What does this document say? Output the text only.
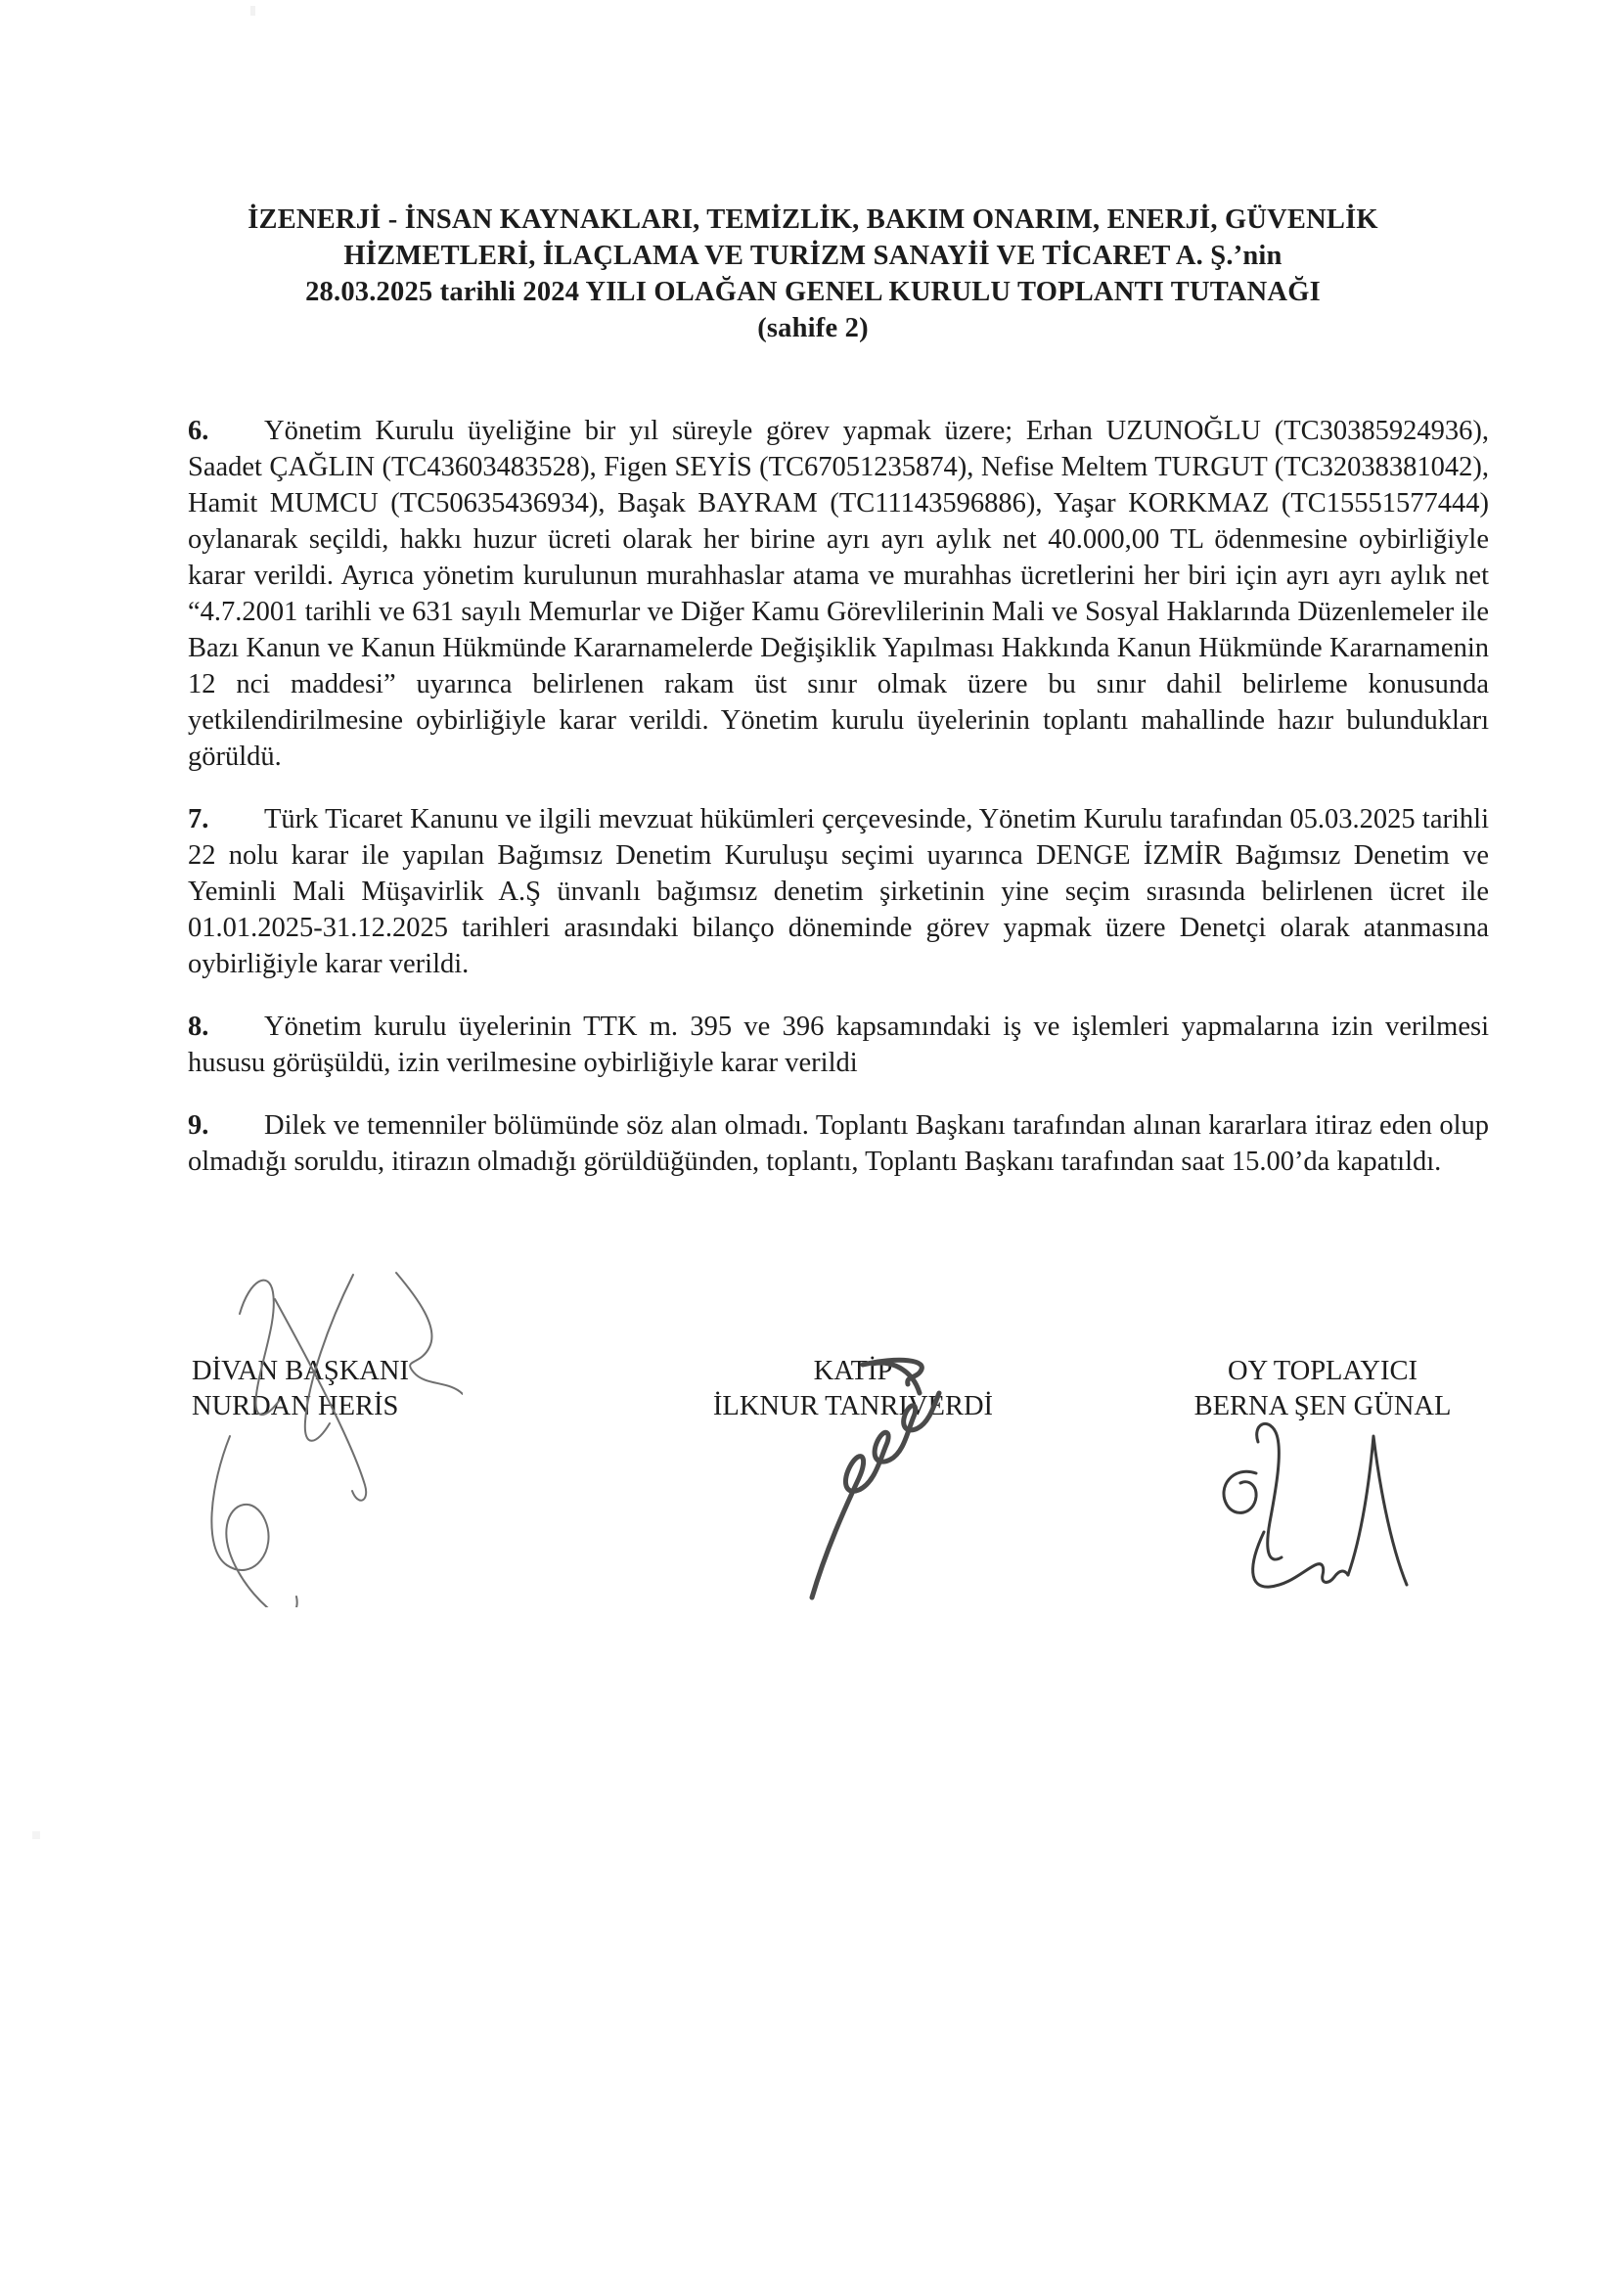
İZENERJİ - İNSAN KAYNAKLARI, TEMİZLİK, BAKIM ONARIM, ENERJİ, GÜVENLİK
HİZMETLERİ, İLAÇLAMA VE TURİZM SANAYİİ VE TİCARET A. Ş.’nin
28.03.2025 tarihli 2024 YILI OLAĞAN GENEL KURULU TOPLANTI TUTANAĞI
(sahife 2)

6. Yönetim Kurulu üyeliğine bir yıl süreyle görev yapmak üzere; Erhan UZUNOĞLU (TC30385924936), Saadet ÇAĞLIN (TC43603483528), Figen SEYİS (TC67051235874), Nefise Meltem TURGUT (TC32038381042), Hamit MUMCU (TC50635436934), Başak BAYRAM (TC11143596886), Yaşar KORKMAZ (TC15551577444) oylanarak seçildi, hakkı huzur ücreti olarak her birine ayrı ayrı aylık net 40.000,00 TL ödenmesine oybirliğiyle karar verildi. Ayrıca yönetim kurulunun murahhaslar atama ve murahhas ücretlerini her biri için ayrı ayrı aylık net “4.7.2001 tarihli ve 631 sayılı Memurlar ve Diğer Kamu Görevlilerinin Mali ve Sosyal Haklarında Düzenlemeler ile Bazı Kanun ve Kanun Hükmünde Kararnamelerde Değişiklik Yapılması Hakkında Kanun Hükmünde Kararnamenin 12 nci maddesi” uyarınca belirlenen rakam üst sınır olmak üzere bu sınır dahil belirleme konusunda yetkilendirilmesine oybirliğiyle karar verildi. Yönetim kurulu üyelerinin toplantı mahallinde hazır bulundukları görüldü.

7. Türk Ticaret Kanunu ve ilgili mevzuat hükümleri çerçevesinde, Yönetim Kurulu tarafından 05.03.2025 tarihli 22 nolu karar ile yapılan Bağımsız Denetim Kuruluşu seçimi uyarınca DENGE İZMİR Bağımsız Denetim ve Yeminli Mali Müşavirlik A.Ş ünvanlı bağımsız denetim şirketinin yine seçim sırasında belirlenen ücret ile 01.01.2025-31.12.2025 tarihleri arasındaki bilanço döneminde görev yapmak üzere Denetçi olarak atanmasına oybirliğiyle karar verildi.

8. Yönetim kurulu üyelerinin TTK m. 395 ve 396 kapsamındaki iş ve işlemleri yapmalarına izin verilmesi hususu görüşüldü, izin verilmesine oybirliğiyle karar verildi

9. Dilek ve temenniler bölümünde söz alan olmadı. Toplantı Başkanı tarafından alınan kararlara itiraz eden olup olmadığı soruldu, itirazın olmadığı görüldüğünden, toplantı, Toplantı Başkanı tarafından saat 15.00’da kapatıldı.

DİVAN BAŞKANI
NURDAN HERİS
KATİP
İLKNUR TANRIVERDİ
OY TOPLAYICI
BERNA ŞEN GÜNAL
